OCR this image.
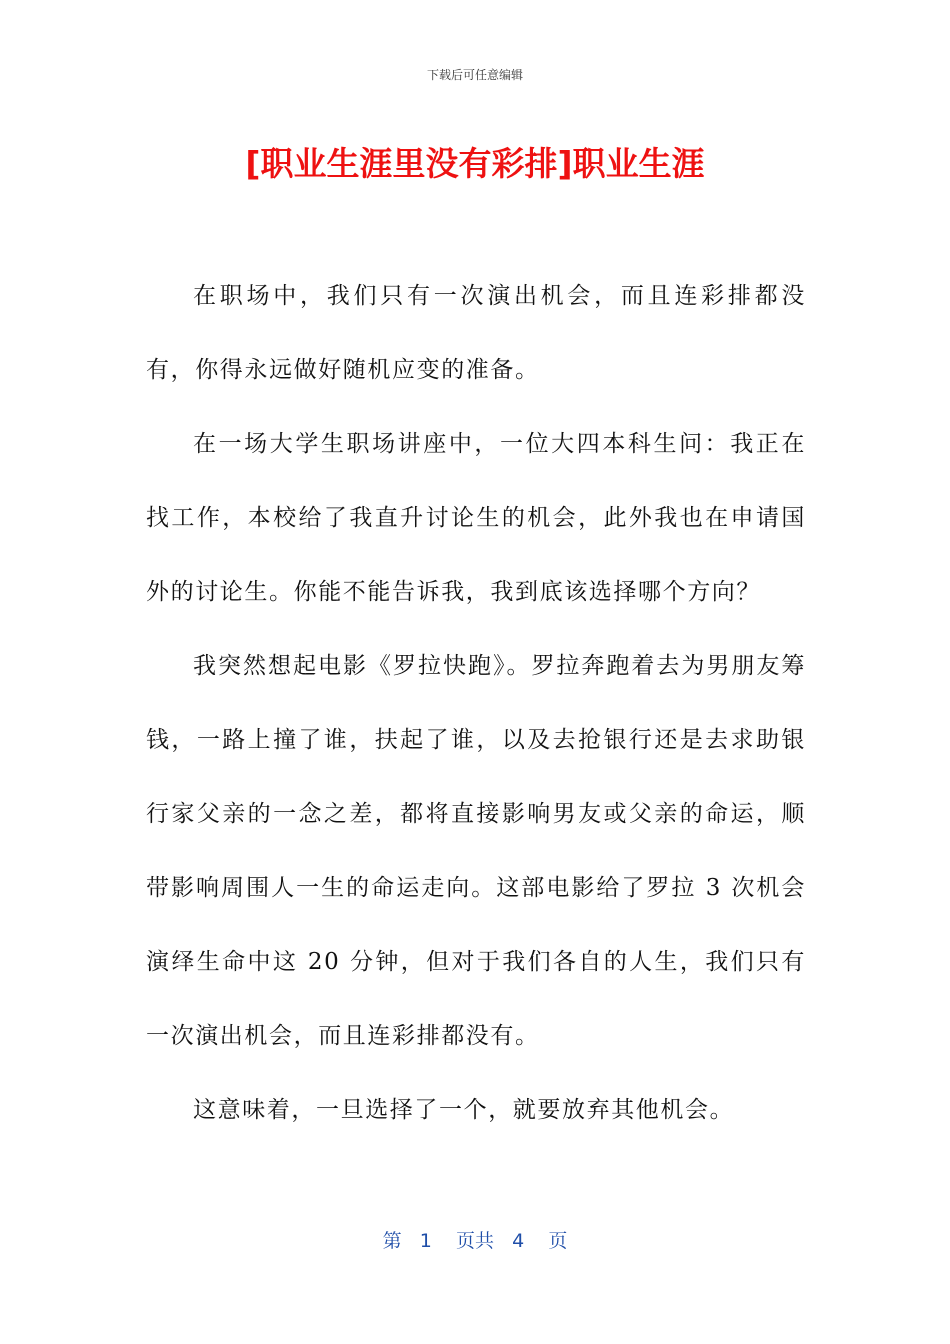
下载后可任意编辑
[职业生涯里没有彩排]职业生涯

在职场中，我们只有一次演出机会，而且连彩排都没有，你得永远做好随机应变的准备。

在一场大学生职场讲座中，一位大四本科生问：我正在找工作，本校给了我直升讨论生的机会，此外我也在申请国外的讨论生。你能不能告诉我，我到底该选择哪个方向？

我突然想起电影《罗拉快跑》。罗拉奔跑着去为男朋友筹钱，一路上撞了谁，扶起了谁，以及去抢银行还是去求助银行家父亲的一念之差，都将直接影响男友或父亲的命运，顺带影响周围人一生的命运走向。这部电影给了罗拉 3 次机会演绎生命中这 20 分钟，但对于我们各自的人生，我们只有一次演出机会，而且连彩排都没有。

这意味着，一旦选择了一个，就要放弃其他机会。

第 1 页共 4 页
